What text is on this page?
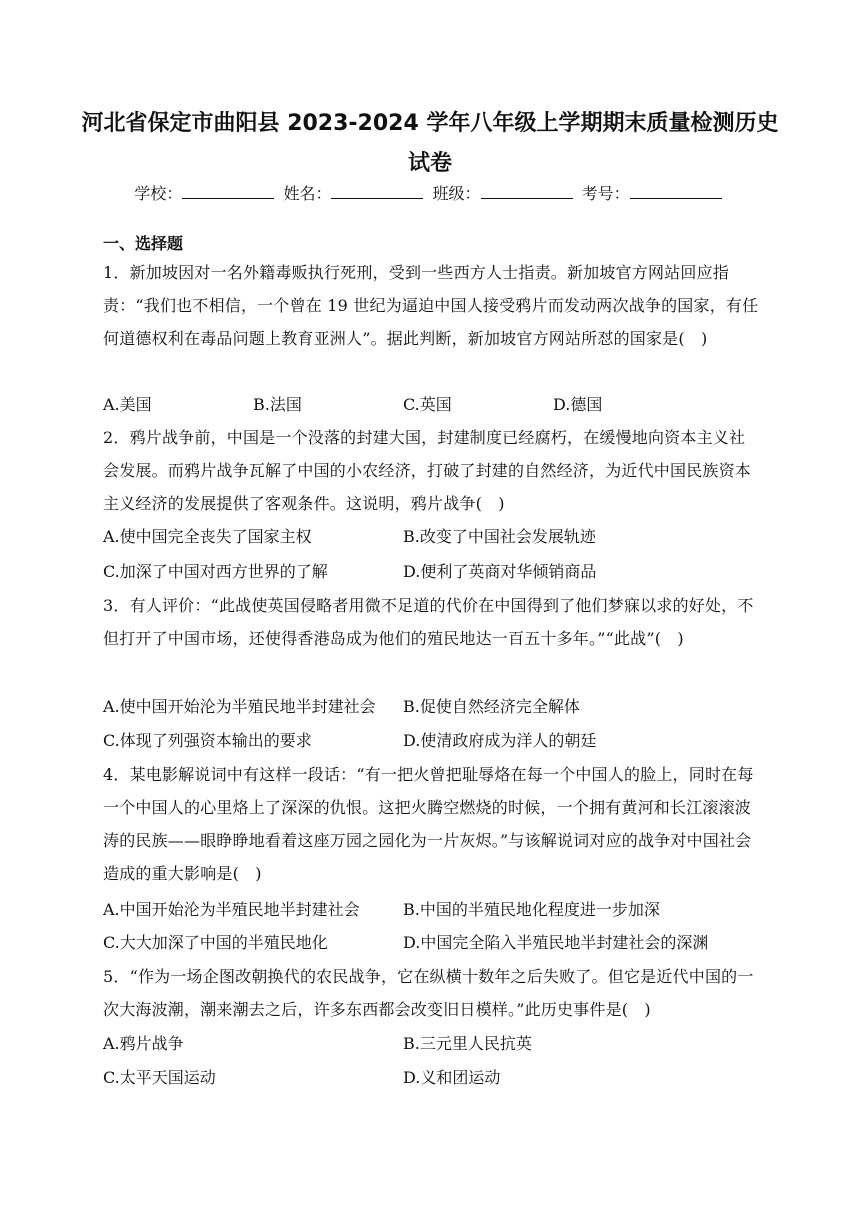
河北省保定市曲阳县 2023-2024 学年八年级上学期期末质量检测历史
试卷
学校：	姓名：	班级：	考号：
一、选择题
1．新加坡因对一名外籍毒贩执行死刑，受到一些西方人士指责。新加坡官方网站回应指责：“我们也不相信，一个曾在 19 世纪为逼迫中国人接受鸦片而发动两次战争的国家，有任何道德权利在毒品问题上教育亚洲人”。据此判断，新加坡官方网站所怼的国家是(　)
A.美国	B.法国	C.英国	D.德国
2．鸦片战争前，中国是一个没落的封建大国，封建制度已经腐朽，在缓慢地向资本主义社会发展。而鸦片战争瓦解了中国的小农经济，打破了封建的自然经济，为近代中国民族资本主义经济的发展提供了客观条件。这说明，鸦片战争(　)
A.使中国完全丧失了国家主权	B.改变了中国社会发展轨迹
C.加深了中国对西方世界的了解	D.便利了英商对华倾销商品
3．有人评价：“此战使英国侵略者用微不足道的代价在中国得到了他们梦寐以求的好处，不但打开了中国市场，还使得香港岛成为他们的殖民地达一百五十多年。”“此战”(　)
A.使中国开始沦为半殖民地半封建社会 B.促使自然经济完全解体
C.体现了列强资本输出的要求	D.使清政府成为洋人的朝廷
4．某电影解说词中有这样一段话：“有一把火曾把耻辱烙在每一个中国人的脸上，同时在每一个中国人的心里烙上了深深的仇恨。这把火腾空燃烧的时候，一个拥有黄河和长江滚滚波涛的民族——眼睁睁地看着这座万园之园化为一片灰烬。”与该解说词对应的战争对中国社会造成的重大影响是(　)
A.中国开始沦为半殖民地半封建社会	B.中国的半殖民地化程度进一步加深
C.大大加深了中国的半殖民地化	D.中国完全陷入半殖民地半封建社会的深渊
5．“作为一场企图改朝换代的农民战争，它在纵横十数年之后失败了。但它是近代中国的一次大海波潮，潮来潮去之后，许多东西都会改变旧日模样。”此历史事件是(　)
A.鸦片战争	B.三元里人民抗英
C.太平天国运动	D.义和团运动
